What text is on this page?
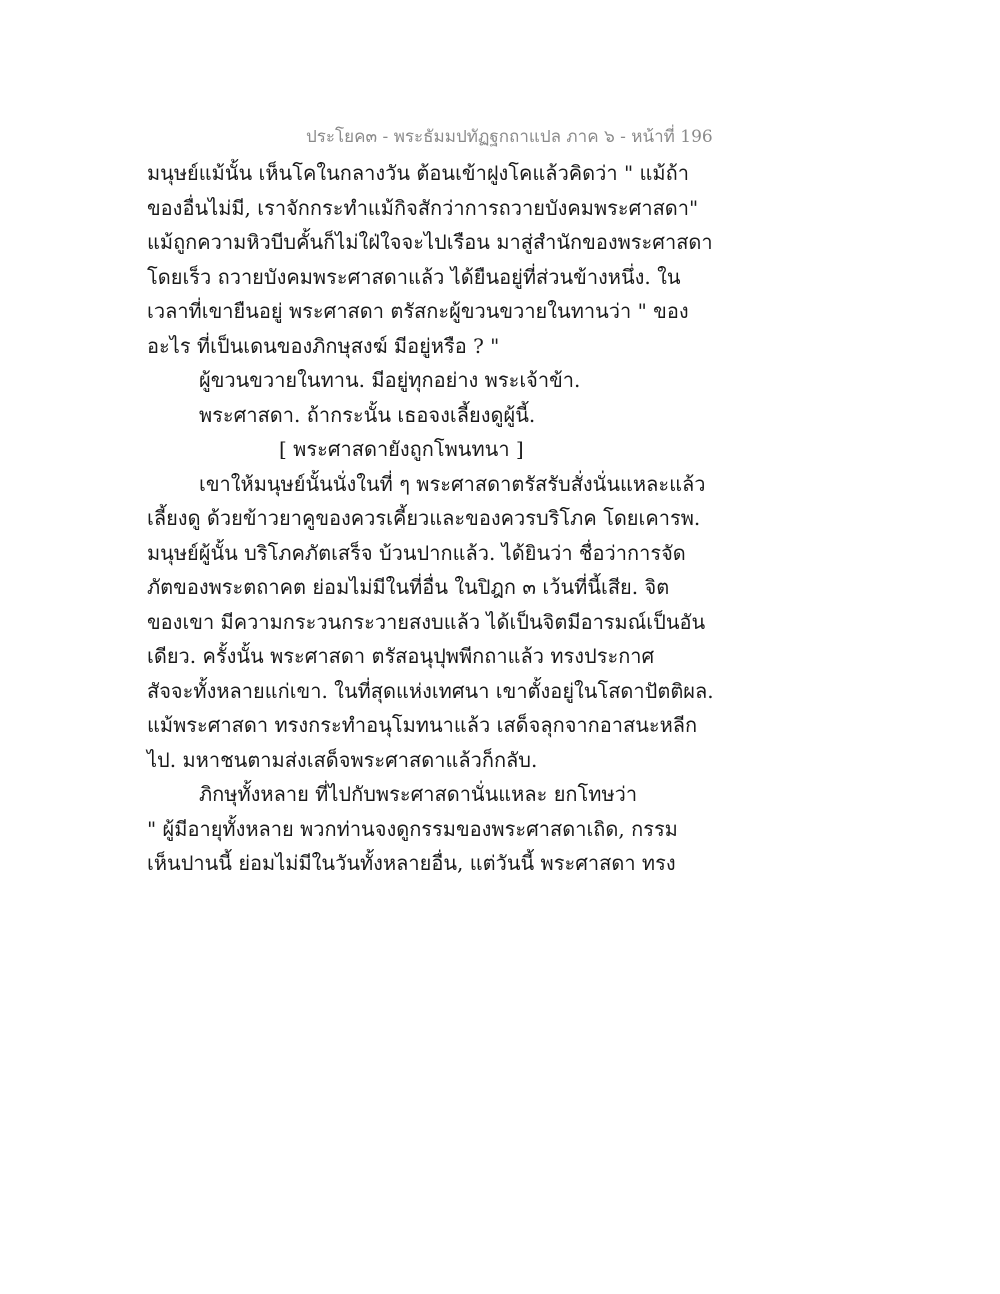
ประโยค๓ - พระธัมมปทัฏฐกถาแปล ภาค ๖ - หน้าที่ 196
มนุษย์แม้นั้น เห็นโคในกลางวัน ต้อนเข้าฝูงโคแล้วคิดว่า " แม้ถ้า
ของอื่นไม่มี, เราจักกระทำแม้กิจสักว่าการถวายบังคมพระศาสดา"
แม้ถูกความหิวบีบคั้นก็ไม่ใฝ่ใจจะไปเรือน มาสู่สำนักของพระศาสดา
โดยเร็ว ถวายบังคมพระศาสดาแล้ว ได้ยืนอยู่ที่ส่วนข้างหนึ่ง. ใน
เวลาที่เขายืนอยู่ พระศาสดา ตรัสกะผู้ขวนขวายในทานว่า " ของ
อะไร ที่เป็นเดนของภิกษุสงฆ์ มีอยู่หรือ ? "
ผู้ขวนขวายในทาน. มีอยู่ทุกอย่าง พระเจ้าข้า.
พระศาสดา. ถ้ากระนั้น เธอจงเลี้ยงดูผู้นี้.
[ พระศาสดายังถูกโพนทนา ]
เขาให้มนุษย์นั้นนั่งในที่ ๆ พระศาสดาตรัสรับสั่งนั่นแหละแล้ว
เลี้ยงดู ด้วยข้าวยาคูของควรเคี้ยวและของควรบริโภค โดยเคารพ.
มนุษย์ผู้นั้น บริโภคภัตเสร็จ บ้วนปากแล้ว. ได้ยินว่า ชื่อว่าการจัด
ภัตของพระตถาคต ย่อมไม่มีในที่อื่น ในปิฎก ๓ เว้นที่นี้เสีย. จิต
ของเขา มีความกระวนกระวายสงบแล้ว ได้เป็นจิตมีอารมณ์เป็นอัน
เดียว. ครั้งนั้น พระศาสดา ตรัสอนุปุพพีกถาแล้ว ทรงประกาศ
สัจจะทั้งหลายแก่เขา. ในที่สุดแห่งเทศนา เขาตั้งอยู่ในโสดาปัตติผล.
แม้พระศาสดา ทรงกระทำอนุโมทนาแล้ว เสด็จลุกจากอาสนะหลีก
ไป. มหาชนตามส่งเสด็จพระศาสดาแล้วก็กลับ.
ภิกษุทั้งหลาย ที่ไปกับพระศาสดานั่นแหละ ยกโทษว่า
" ผู้มีอายุทั้งหลาย พวกท่านจงดูกรรมของพระศาสดาเถิด, กรรม
เห็นปานนี้ ย่อมไม่มีในวันทั้งหลายอื่น, แต่วันนี้ พระศาสดา ทรง
